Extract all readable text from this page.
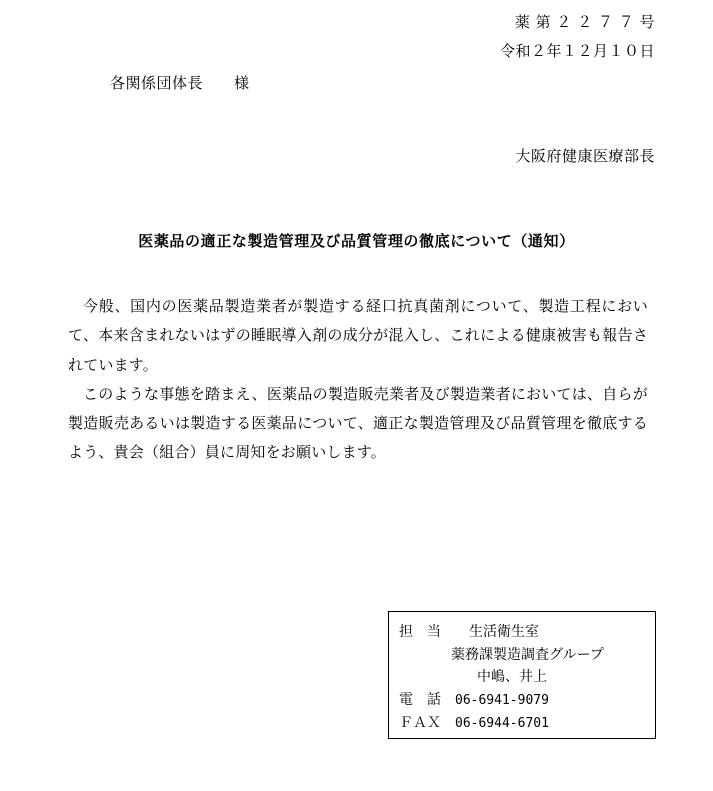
薬 第 ２ ２ ７ ７ 号
令和２年１２月１０日
各関係団体長　　様
大阪府健康医療部長
医薬品の適正な製造管理及び品質管理の徹底について（通知）

今般、国内の医薬品製造業者が製造する経口抗真菌剤について、製造工程において、本来含まれないはずの睡眠導入剤の成分が混入し、これによる健康被害も報告されています。

このような事態を踏まえ、医薬品の製造販売業者及び製造業者においては、自らが製造販売あるいは製造する医薬品について、適正な製造管理及び品質管理を徹底するよう、貴会（組合）員に周知をお願いします。

担　当　　生活衛生室
薬務課製造調査グループ
中嶋、井上
電　話　 06-6941-9079
ＦＡＸ　 06-6944-6701
